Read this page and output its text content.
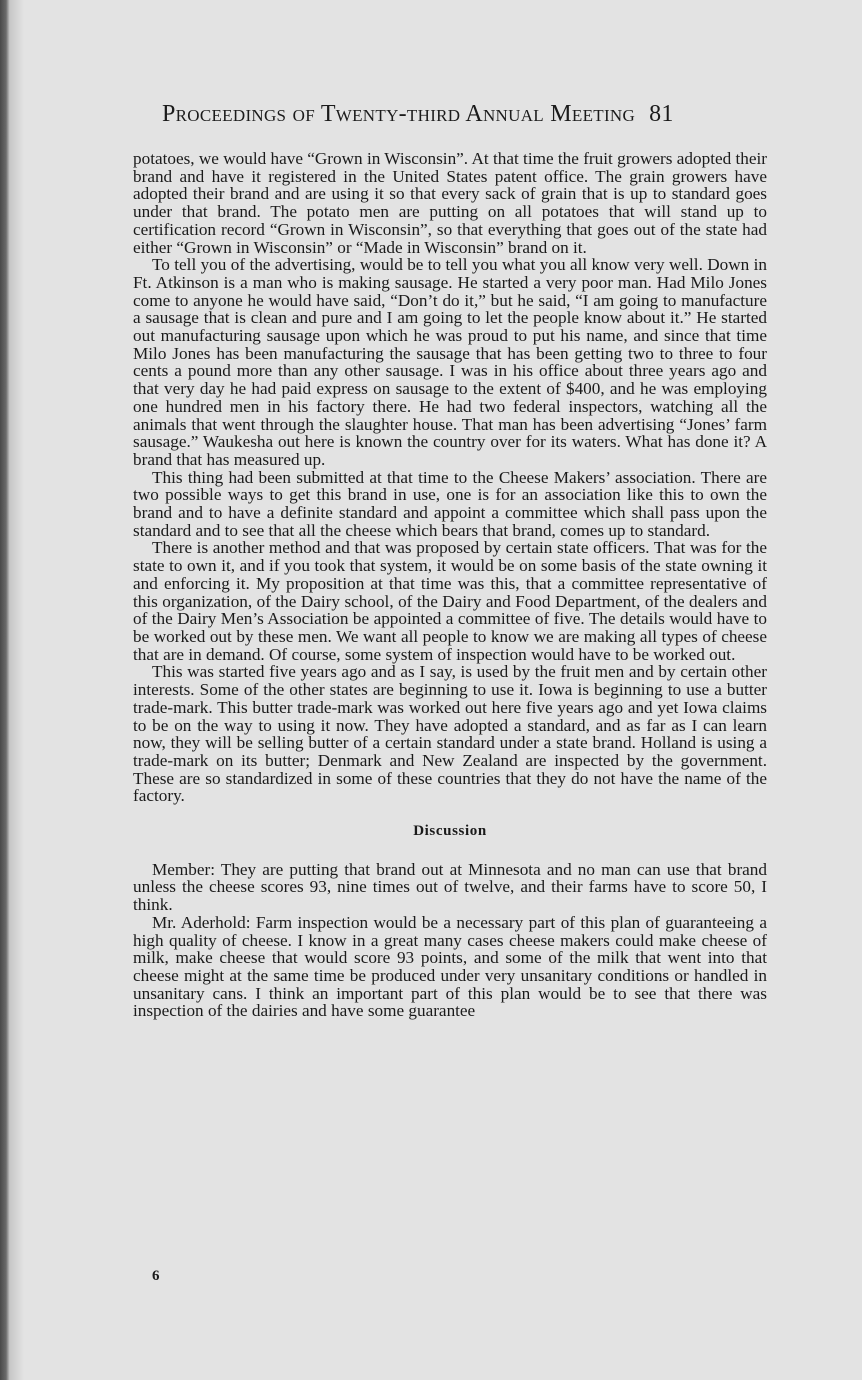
Proceedings of Twenty-third Annual Meeting 81

potatoes, we would have “Grown in Wisconsin”. At that time the fruit growers adopted their brand and have it registered in the United States patent office. The grain growers have adopted their brand and are using it so that every sack of grain that is up to standard goes under that brand. The potato men are putting on all potatoes that will stand up to certification record “Grown in Wisconsin”, so that everything that goes out of the state had either “Grown in Wisconsin” or “Made in Wisconsin” brand on it.

To tell you of the advertising, would be to tell you what you all know very well. Down in Ft. Atkinson is a man who is making sausage. He started a very poor man. Had Milo Jones come to anyone he would have said, “Don’t do it,” but he said, “I am going to manufacture a sausage that is clean and pure and I am going to let the people know about it.” He started out manufacturing sausage upon which he was proud to put his name, and since that time Milo Jones has been manufacturing the sausage that has been getting two to three to four cents a pound more than any other sausage. I was in his office about three years ago and that very day he had paid express on sausage to the extent of $400, and he was employing one hundred men in his factory there. He had two federal inspectors, watching all the animals that went through the slaughter house. That man has been advertising “Jones’ farm sausage.” Waukesha out here is known the country over for its waters. What has done it? A brand that has measured up.

This thing had been submitted at that time to the Cheese Makers’ association. There are two possible ways to get this brand in use, one is for an association like this to own the brand and to have a definite standard and appoint a committee which shall pass upon the standard and to see that all the cheese which bears that brand, comes up to standard.

There is another method and that was proposed by certain state officers. That was for the state to own it, and if you took that system, it would be on some basis of the state owning it and enforcing it. My proposition at that time was this, that a committee representative of this organization, of the Dairy school, of the Dairy and Food Department, of the dealers and of the Dairy Men’s Association be appointed a committee of five. The details would have to be worked out by these men. We want all people to know we are making all types of cheese that are in demand. Of course, some system of inspection would have to be worked out.

This was started five years ago and as I say, is used by the fruit men and by certain other interests. Some of the other states are beginning to use it. Iowa is beginning to use a butter trade-mark. This butter trade-mark was worked out here five years ago and yet Iowa claims to be on the way to using it now. They have adopted a standard, and as far as I can learn now, they will be selling butter of a certain standard under a state brand. Holland is using a trade-mark on its butter; Denmark and New Zealand are inspected by the government. These are so standardized in some of these countries that they do not have the name of the factory.

Discussion

Member: They are putting that brand out at Minnesota and no man can use that brand unless the cheese scores 93, nine times out of twelve, and their farms have to score 50, I think.

Mr. Aderhold: Farm inspection would be a necessary part of this plan of guaranteeing a high quality of cheese. I know in a great many cases cheese makers could make cheese of milk, make cheese that would score 93 points, and some of the milk that went into that cheese might at the same time be produced under very unsanitary conditions or handled in unsanitary cans. I think an important part of this plan would be to see that there was inspection of the dairies and have some guarantee

6
